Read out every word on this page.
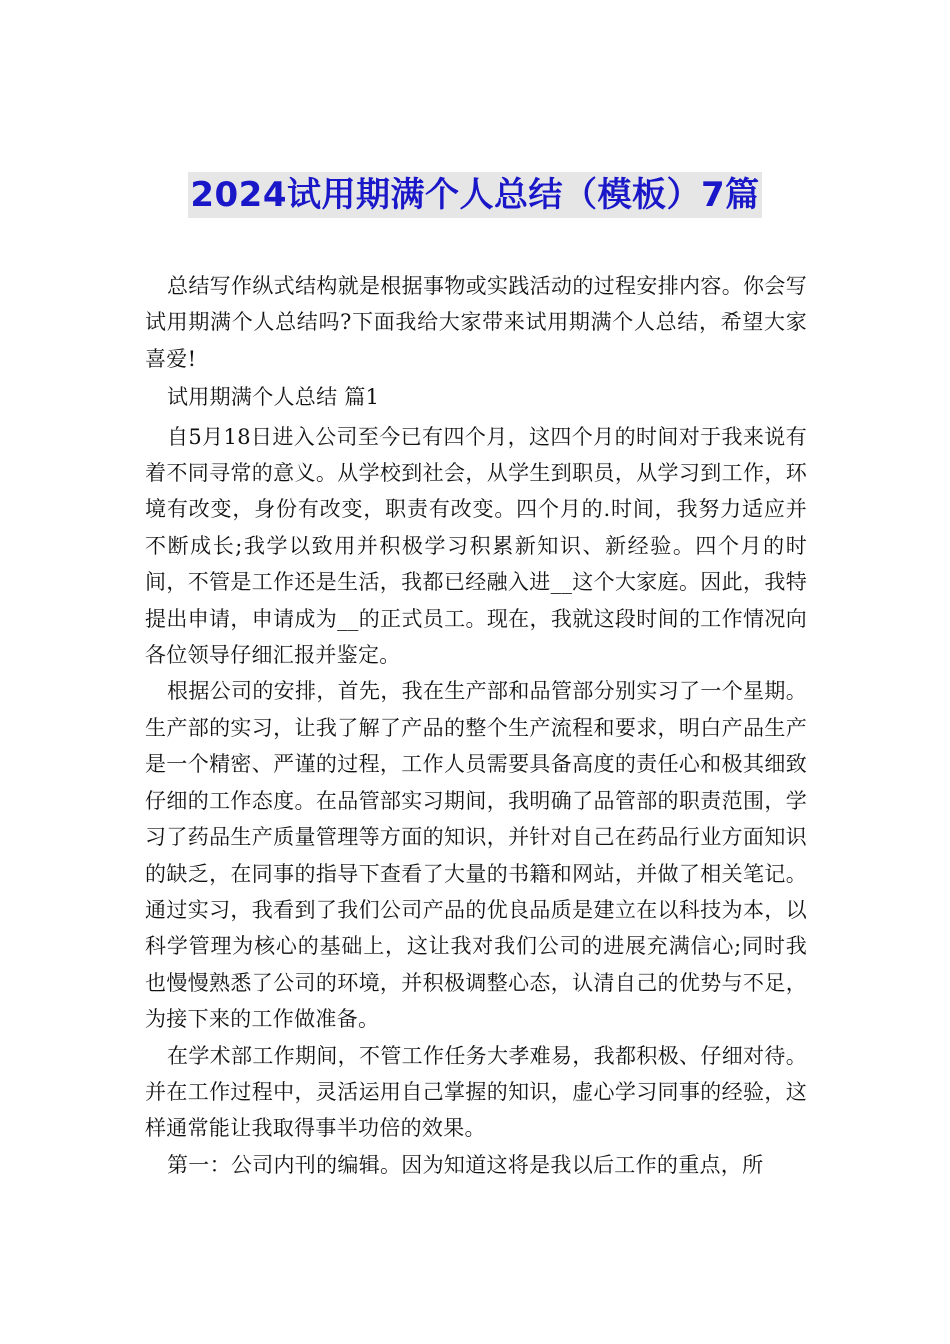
2024试用期满个人总结（模板）7篇

总结写作纵式结构就是根据事物或实践活动的过程安排内容。你会写试用期满个人总结吗?下面我给大家带来试用期满个人总结，希望大家喜爱!

试用期满个人总结 篇1

自5月18日进入公司至今已有四个月，这四个月的时间对于我来说有着不同寻常的意义。从学校到社会，从学生到职员，从学习到工作，环境有改变，身份有改变，职责有改变。四个月的.时间，我努力适应并不断成长;我学以致用并积极学习积累新知识、新经验。四个月的时间，不管是工作还是生活，我都已经融入进__这个大家庭。因此，我特提出申请，申请成为__的正式员工。现在，我就这段时间的工作情况向各位领导仔细汇报并鉴定。

根据公司的安排，首先，我在生产部和品管部分别实习了一个星期。生产部的实习，让我了解了产品的整个生产流程和要求，明白产品生产是一个精密、严谨的过程，工作人员需要具备高度的责任心和极其细致仔细的工作态度。在品管部实习期间，我明确了品管部的职责范围，学习了药品生产质量管理等方面的知识，并针对自己在药品行业方面知识的缺乏，在同事的指导下查看了大量的书籍和网站，并做了相关笔记。通过实习，我看到了我们公司产品的优良品质是建立在以科技为本，以科学管理为核心的基础上，这让我对我们公司的进展充满信心;同时我也慢慢熟悉了公司的环境，并积极调整心态，认清自己的优势与不足，为接下来的工作做准备。

在学术部工作期间，不管工作任务大孝难易，我都积极、仔细对待。并在工作过程中，灵活运用自己掌握的知识，虚心学习同事的经验，这样通常能让我取得事半功倍的效果。

第一：公司内刊的编辑。因为知道这将是我以后工作的重点，所
